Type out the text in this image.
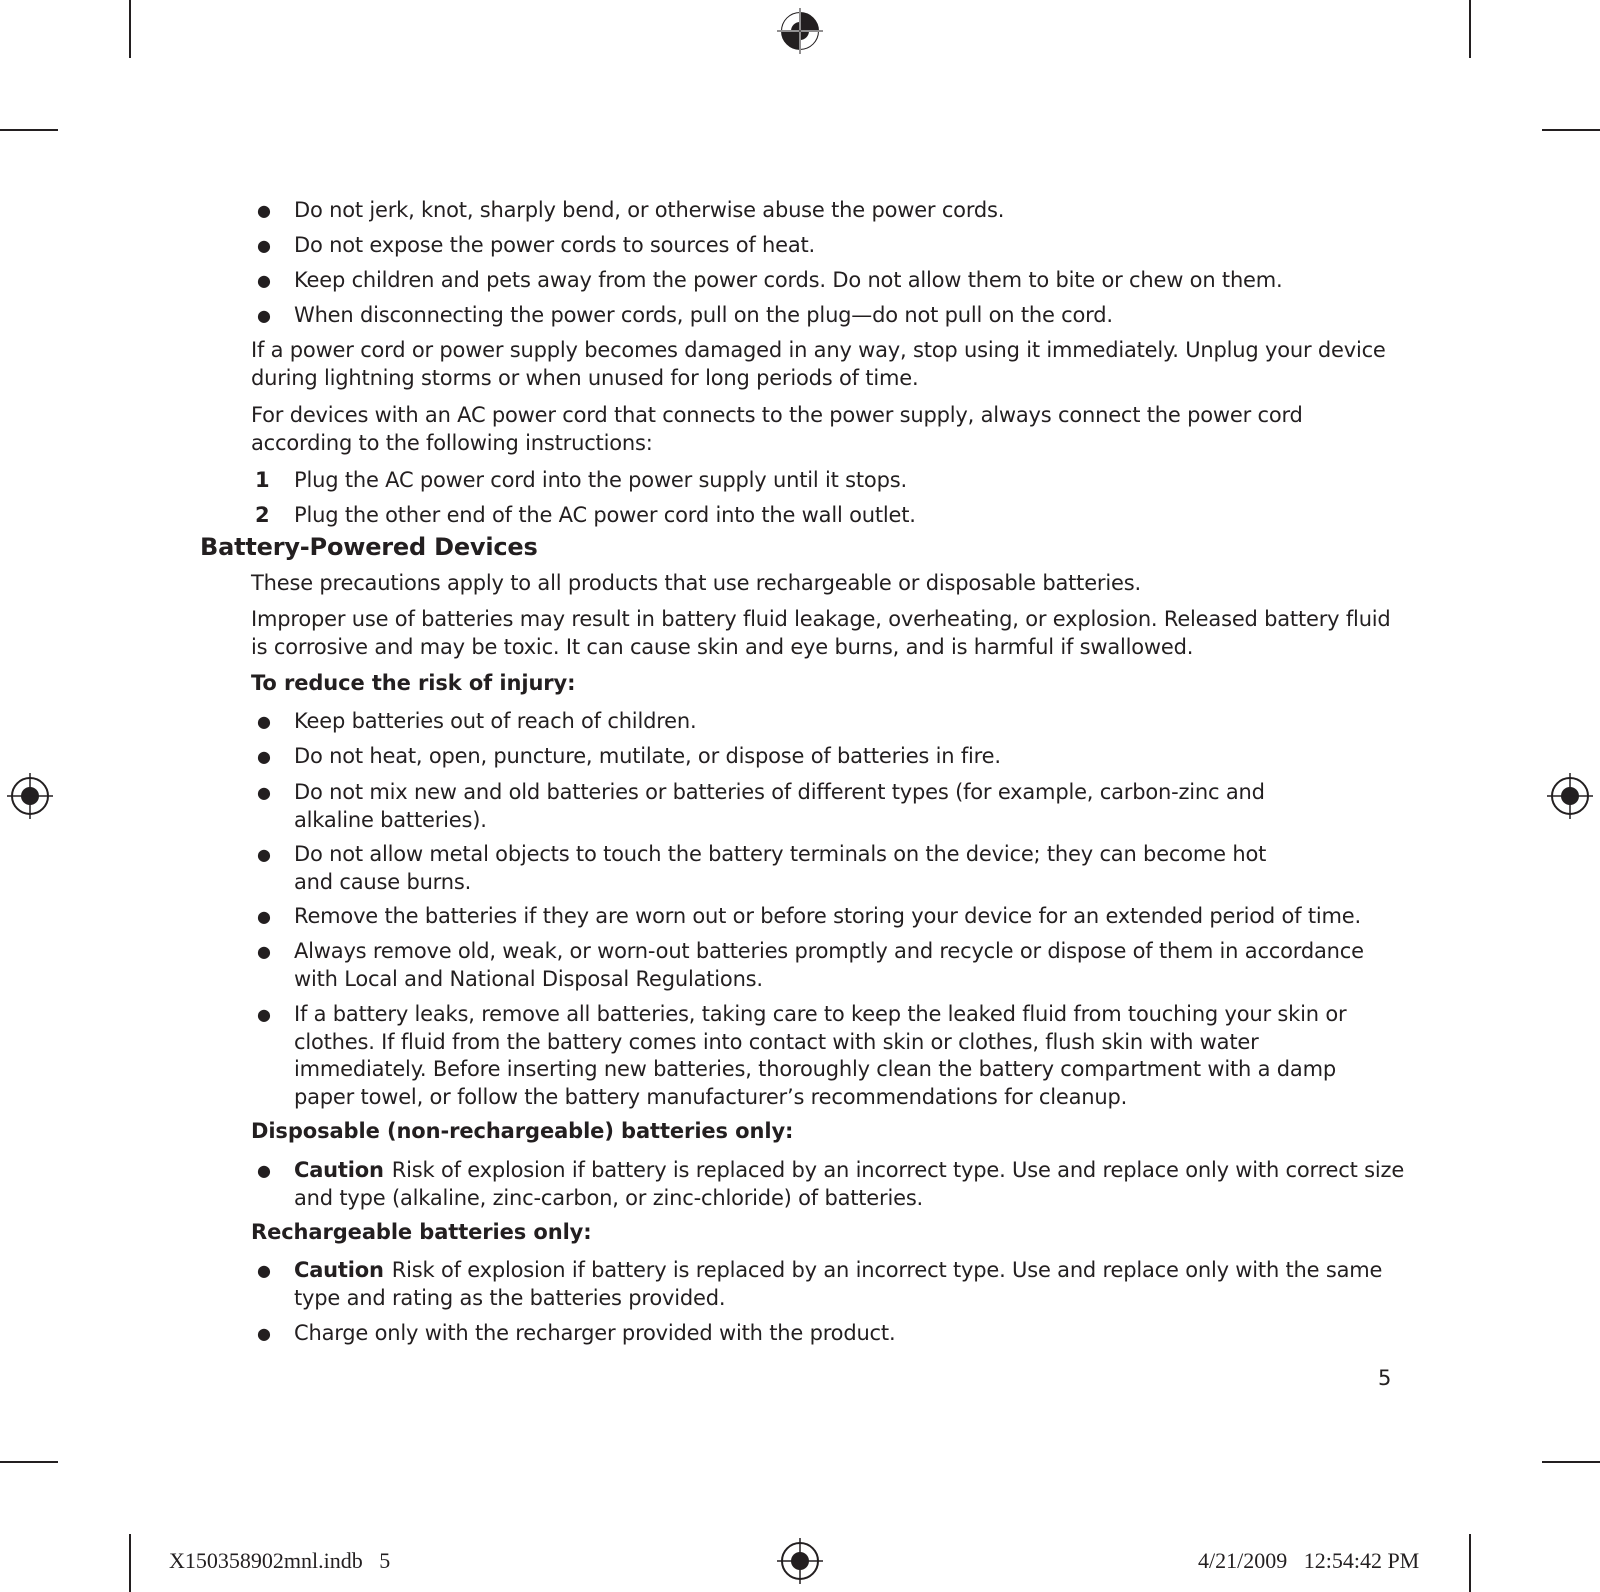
● Do not jerk, knot, sharply bend, or otherwise abuse the power cords.
● Do not expose the power cords to sources of heat.
● Keep children and pets away from the power cords. Do not allow them to bite or chew on them.
● When disconnecting the power cords, pull on the plug—do not pull on the cord.

If a power cord or power supply becomes damaged in any way, stop using it immediately. Unplug your device during lightning storms or when unused for long periods of time.

For devices with an AC power cord that connects to the power supply, always connect the power cord according to the following instructions:

1 Plug the AC power cord into the power supply until it stops.
2 Plug the other end of the AC power cord into the wall outlet.
Battery-Powered Devices

These precautions apply to all products that use rechargeable or disposable batteries.

Improper use of batteries may result in battery fluid leakage, overheating, or explosion. Released battery fluid is corrosive and may be toxic. It can cause skin and eye burns, and is harmful if swallowed.

To reduce the risk of injury:
● Keep batteries out of reach of children.
● Do not heat, open, puncture, mutilate, or dispose of batteries in fire.
● Do not mix new and old batteries or batteries of different types (for example, carbon-zinc and alkaline batteries).
● Do not allow metal objects to touch the battery terminals on the device; they can become hot and cause burns.
● Remove the batteries if they are worn out or before storing your device for an extended period of time.
● Always remove old, weak, or worn-out batteries promptly and recycle or dispose of them in accordance with Local and National Disposal Regulations.
● If a battery leaks, remove all batteries, taking care to keep the leaked fluid from touching your skin or clothes. If fluid from the battery comes into contact with skin or clothes, flush skin with water immediately. Before inserting new batteries, thoroughly clean the battery compartment with a damp paper towel, or follow the battery manufacturer’s recommendations for cleanup.
Disposable (non-rechargeable) batteries only:
● Caution Risk of explosion if battery is replaced by an incorrect type. Use and replace only with correct size and type (alkaline, zinc-carbon, or zinc-chloride) of batteries.
Rechargeable batteries only:
● Caution Risk of explosion if battery is replaced by an incorrect type. Use and replace only with the same type and rating as the batteries provided.
● Charge only with the recharger provided with the product.
5
X150358902mnl.indb   5	4/21/2009   12:54:42 PM
